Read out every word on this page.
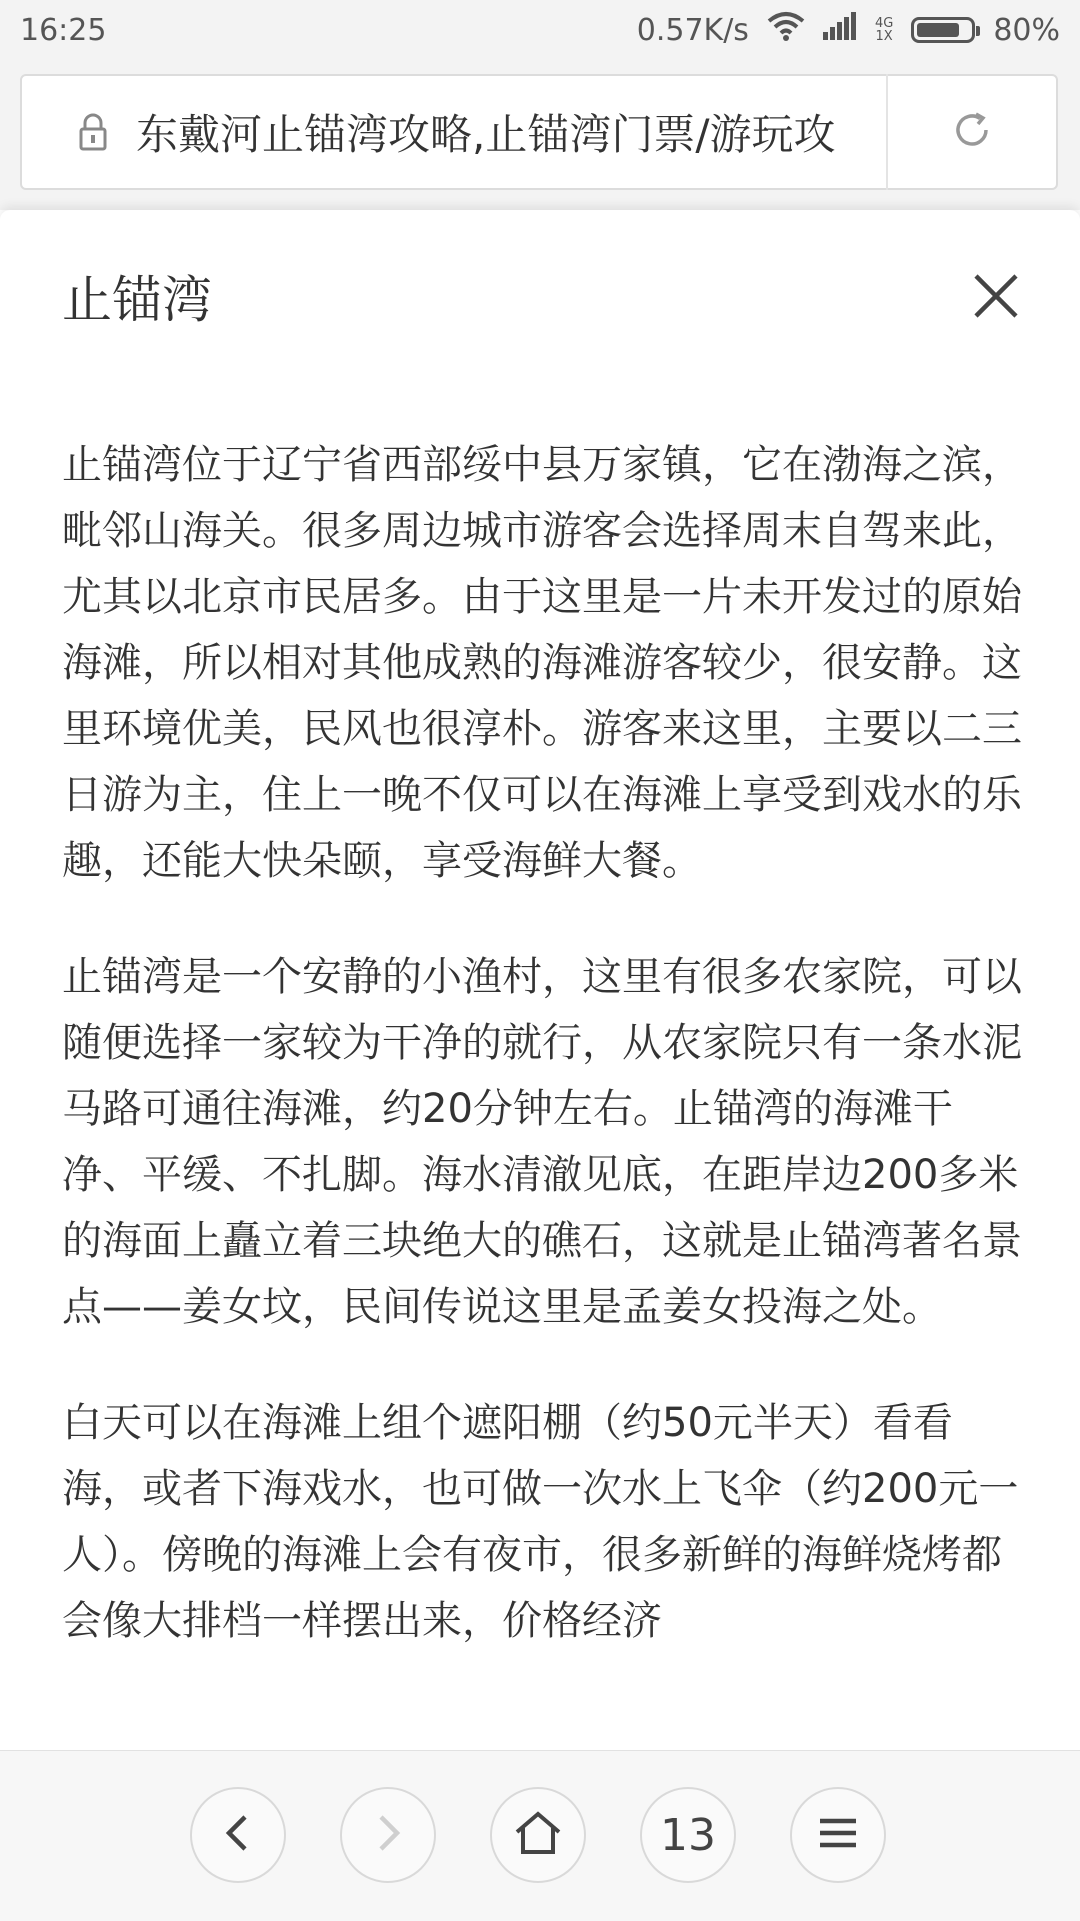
16:25	0.57K/s	4G
1X	80%
东戴河止锚湾攻略,止锚湾门票/游玩攻
止锚湾

止锚湾位于辽宁省西部绥中县万家镇，它在渤海之滨，毗邻山海关。很多周边城市游客会选择周末自驾来此，尤其以北京市民居多。由于这里是一片未开发过的原始海滩，所以相对其他成熟的海滩游客较少，很安静。这里环境优美，民风也很淳朴。游客来这里，主要以二三日游为主，住上一晚不仅可以在海滩上享受到戏水的乐趣，还能大快朵颐，享受海鲜大餐。

止锚湾是一个安静的小渔村，这里有很多农家院，可以随便选择一家较为干净的就行，从农家院只有一条水泥马路可通往海滩，约20分钟左右。止锚湾的海滩干净、平缓、不扎脚。海水清澈见底，在距岸边200多米的海面上矗立着三块绝大的礁石，这就是止锚湾著名景点——姜女坟，民间传说这里是孟姜女投海之处。

白天可以在海滩上组个遮阳棚（约50元半天）看看海，或者下海戏水，也可做一次水上飞伞（约200元一人）。傍晚的海滩上会有夜市，很多新鲜的海鲜烧烤都会像大排档一样摆出来，价格经济

13
